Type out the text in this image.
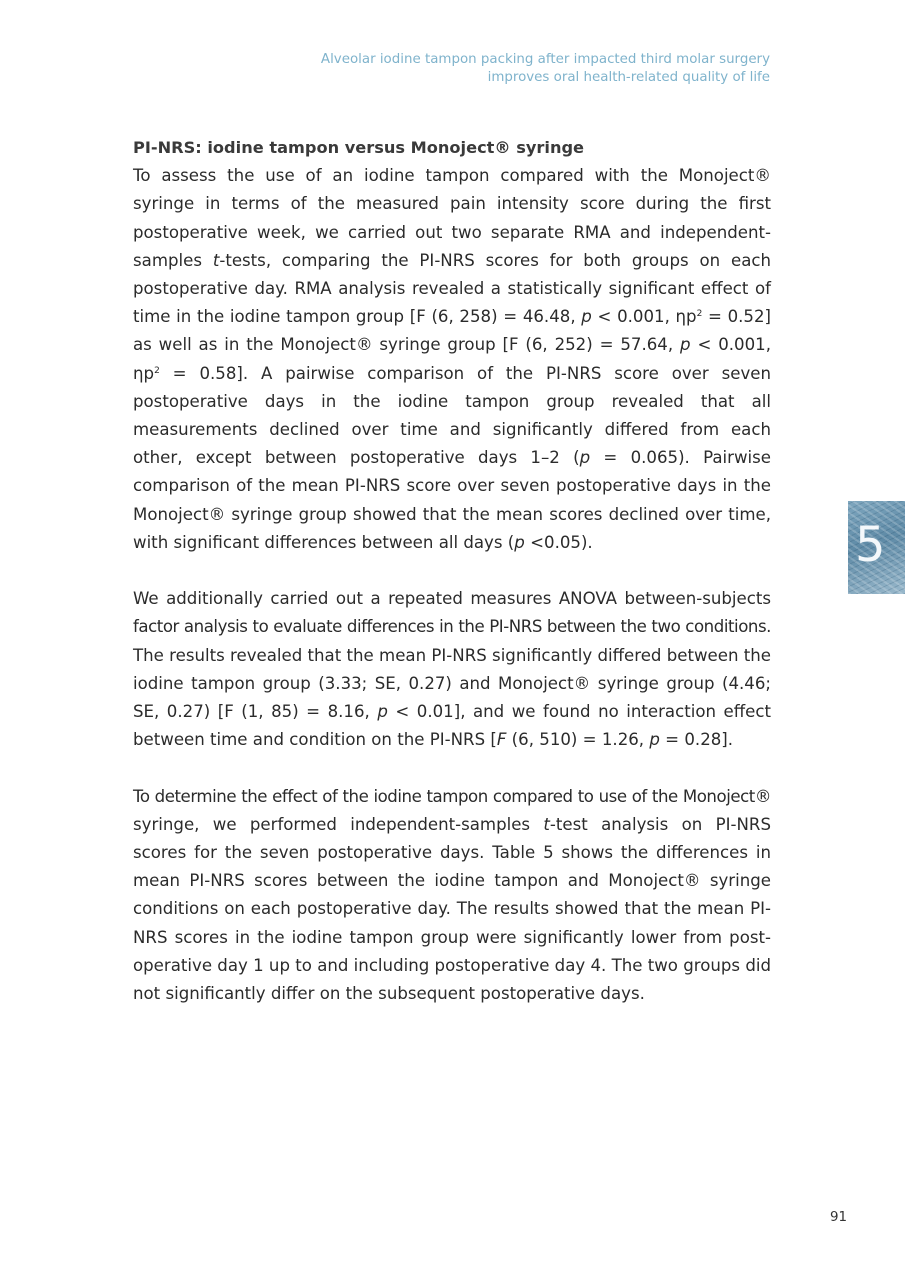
Alveolar iodine tampon packing after impacted third molar surgery
improves oral health-related quality of life
PI-NRS: iodine tampon versus Monoject® syringe

To assess the use of an iodine tampon compared with the Monoject® syringe in terms of the measured pain intensity score during the first postoperative week, we carried out two separate RMA and independent-samples t-tests, comparing the PI-NRS scores for both groups on each postoperative day. RMA analysis revealed a statistically significant effect of time in the iodine tampon group [F (6, 258) = 46.48, p < 0.001, $\eta p^2 = 0.52$] as well as in the Monoject® syringe group [F (6, 252) = 57.64, p < 0.001, $\eta p^2 = 0.58$]. A pairwise comparison of the PI-NRS score over seven postoperative days in the iodine tampon group revealed that all measurements declined over time and significantly differed from each other, except between postoperative days 1–2 (p = 0.065). Pairwise comparison of the mean PI-NRS score over seven postoperative days in the Monoject® syringe group showed that the mean scores declined over time, with significant differences between all days (p <0.05).

We additionally carried out a repeated measures ANOVA between-subjects factor analysis to evaluate differences in the PI-NRS between the two conditions. The results revealed that the mean PI-NRS significantly differed between the iodine tampon group (3.33; SE, 0.27) and Monoject® syringe group (4.46; SE, 0.27) [F (1, 85) = 8.16, p < 0.01], and we found no interaction effect between time and condition on the PI-NRS [F (6, 510) = 1.26, p = 0.28].

To determine the effect of the iodine tampon compared to use of the Monoject® syringe, we performed independent-samples t-test analysis on PI-NRS scores for the seven postoperative days. Table 5 shows the differences in mean PI-NRS scores between the iodine tampon and Monoject® syringe conditions on each postoperative day. The results showed that the mean PI-NRS scores in the iodine tampon group were significantly lower from post-operative day 1 up to and including postoperative day 4. The two groups did not significantly differ on the subsequent postoperative days.

5
91
